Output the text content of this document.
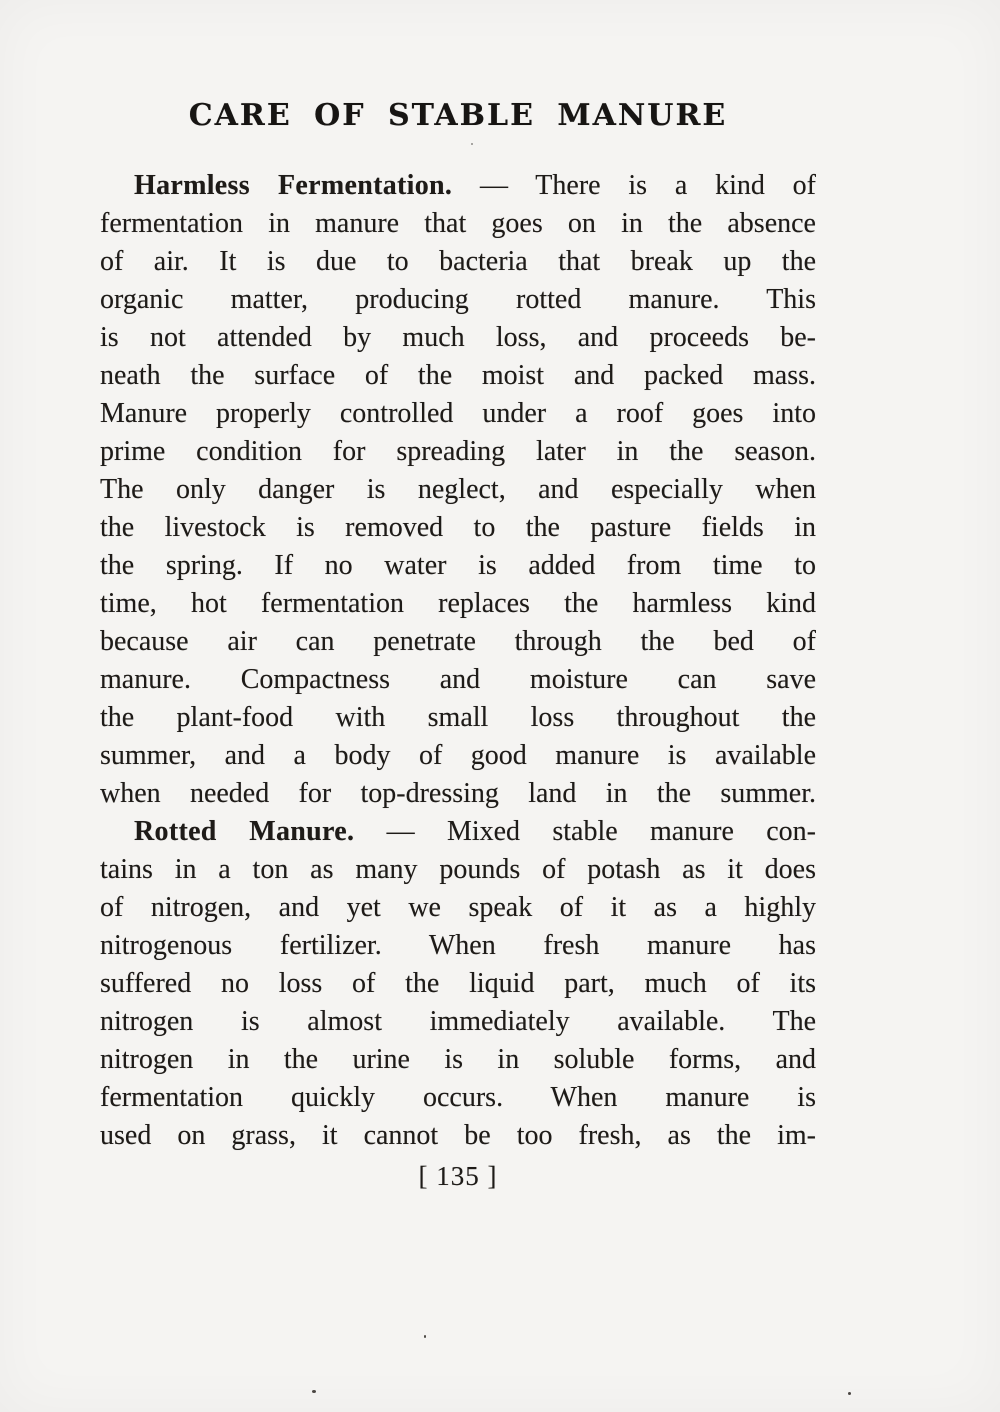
CARE OF STABLE MANURE
Harmless Fermentation. — There is a kind of
fermentation in manure that goes on in the absence
of air. It is due to bacteria that break up the
organic matter, producing rotted manure. This
is not attended by much loss, and proceeds be-
neath the surface of the moist and packed mass.
Manure properly controlled under a roof goes into
prime condition for spreading later in the season.
The only danger is neglect, and especially when
the livestock is removed to the pasture fields in
the spring. If no water is added from time to
time, hot fermentation replaces the harmless kind
because air can penetrate through the bed of
manure. Compactness and moisture can save
the plant-food with small loss throughout the
summer, and a body of good manure is available
when needed for top-dressing land in the summer.
Rotted Manure. — Mixed stable manure con-
tains in a ton as many pounds of potash as it does
of nitrogen, and yet we speak of it as a highly
nitrogenous fertilizer. When fresh manure has
suffered no loss of the liquid part, much of its
nitrogen is almost immediately available. The
nitrogen in the urine is in soluble forms, and
fermentation quickly occurs. When manure is
used on grass, it cannot be too fresh, as the im-
[ 135 ]
